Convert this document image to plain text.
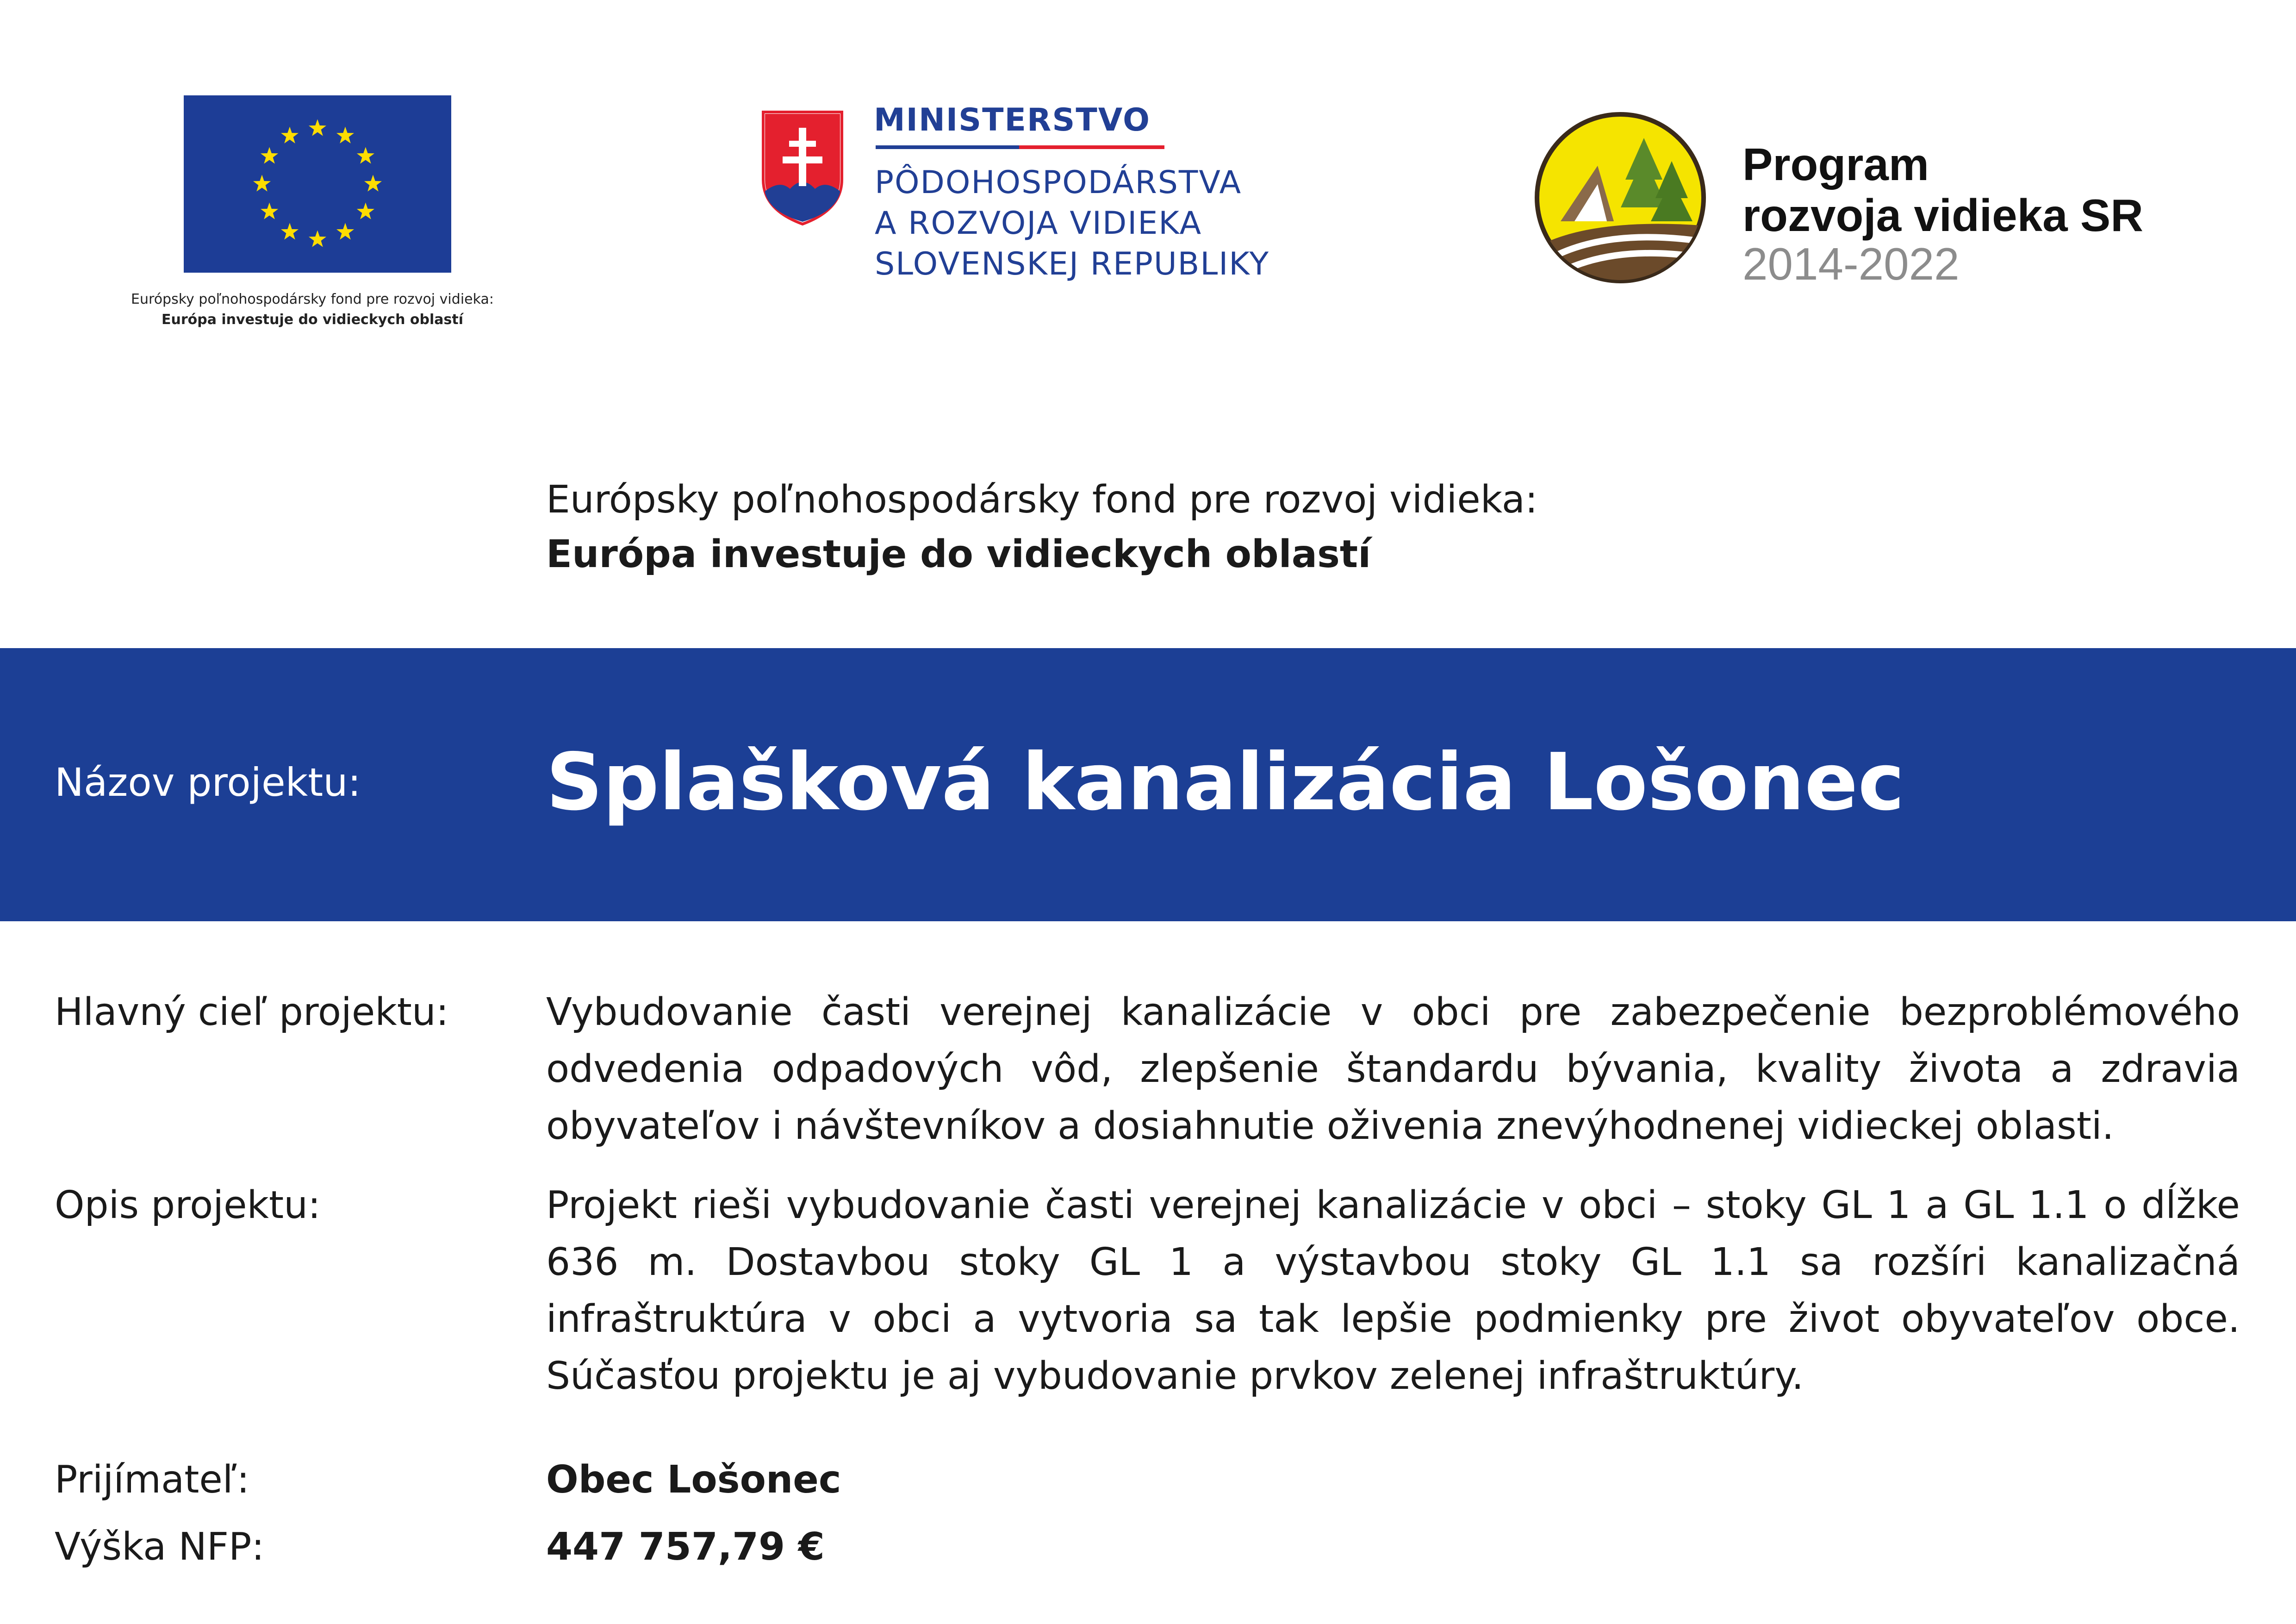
Európsky poľnohospodársky fond pre rozvoj vidieka:
Európa investuje do vidieckych oblastí
MINISTERSTVO
PÔDOHOSPODÁRSTVA
A ROZVOJA VIDIEKA
SLOVENSKEJ REPUBLIKY
Program
rozvoja vidieka SR
2014-2022
Európsky poľnohospodársky fond pre rozvoj vidieka:
Európa investuje do vidieckych oblastí
Názov projektu: Splašková kanalizácia Lošonec
Hlavný cieľ projektu:	Vybudovanie časti verejnej kanalizácie v obci pre zabezpečenie bezproblémového odvedenia odpadových vôd, zlepšenie štandardu bývania, kvality života a zdravia obyvateľov i návštevníkov a dosiahnutie oživenia znevýhodnenej vidieckej oblasti.
Opis projektu:	Projekt rieši vybudovanie časti verejnej kanalizácie v obci – stoky GL 1 a GL 1.1 o dĺžke 636 m. Dostavbou stoky GL 1 a výstavbou stoky GL 1.1 sa rozšíri kanalizačná infraštruktúra v obci a vytvoria sa tak lepšie podmienky pre život obyvateľov obce. Súčasťou projektu je aj vybudovanie prvkov zelenej infraštruktúry.
Prijímateľ:	Obec Lošonec
Výška NFP:	447 757,79 €
